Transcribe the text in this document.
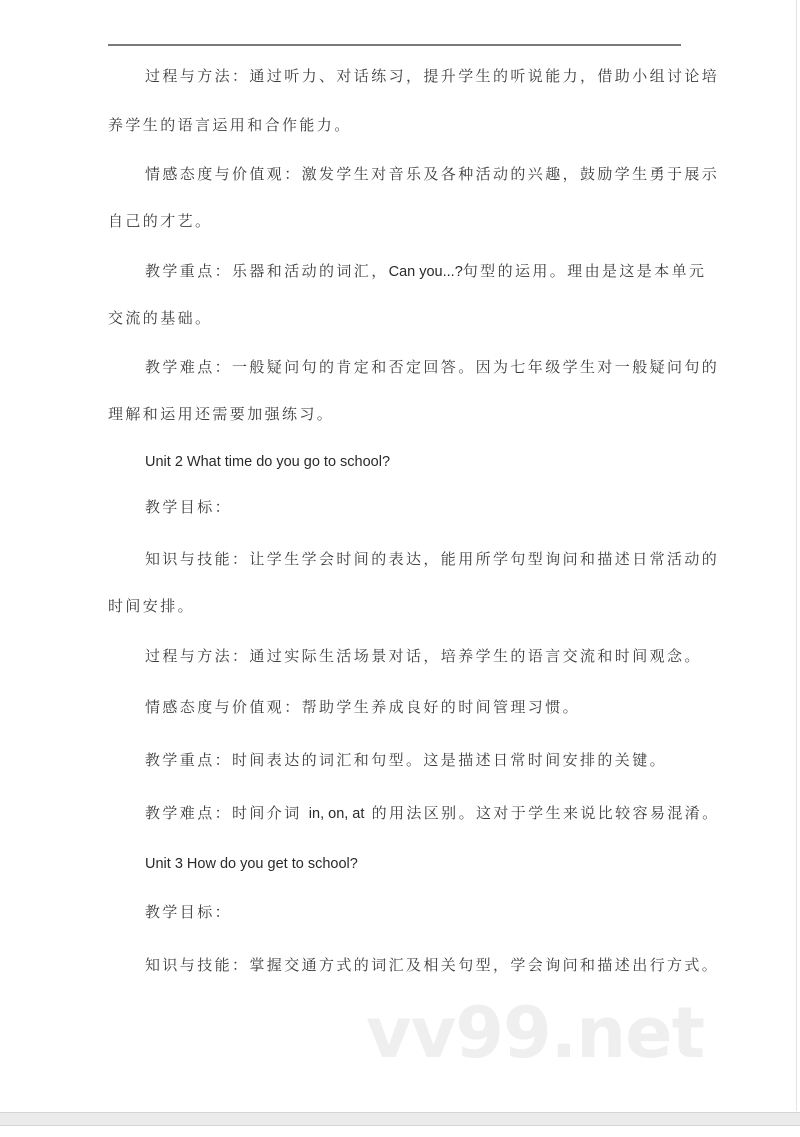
过程与方法：通过听力、对话练习，提升学生的听说能力，借助小组讨论培
养学生的语言运用和合作能力。
情感态度与价值观：激发学生对音乐及各种活动的兴趣，鼓励学生勇于展示
自己的才艺。
教学重点：乐器和活动的词汇，Can you...?句型的运用。理由是这是本单元
交流的基础。
教学难点：一般疑问句的肯定和否定回答。因为七年级学生对一般疑问句的
理解和运用还需要加强练习。
Unit 2 What time do you go to school?
教学目标：
知识与技能：让学生学会时间的表达，能用所学句型询问和描述日常活动的
时间安排。
过程与方法：通过实际生活场景对话，培养学生的语言交流和时间观念。
情感态度与价值观：帮助学生养成良好的时间管理习惯。
教学重点：时间表达的词汇和句型。这是描述日常时间安排的关键。
教学难点：时间介词 in, on, at 的用法区别。这对于学生来说比较容易混淆。
Unit 3 How do you get to school?
教学目标：
知识与技能：掌握交通方式的词汇及相关句型，学会询问和描述出行方式。
vv99.net
